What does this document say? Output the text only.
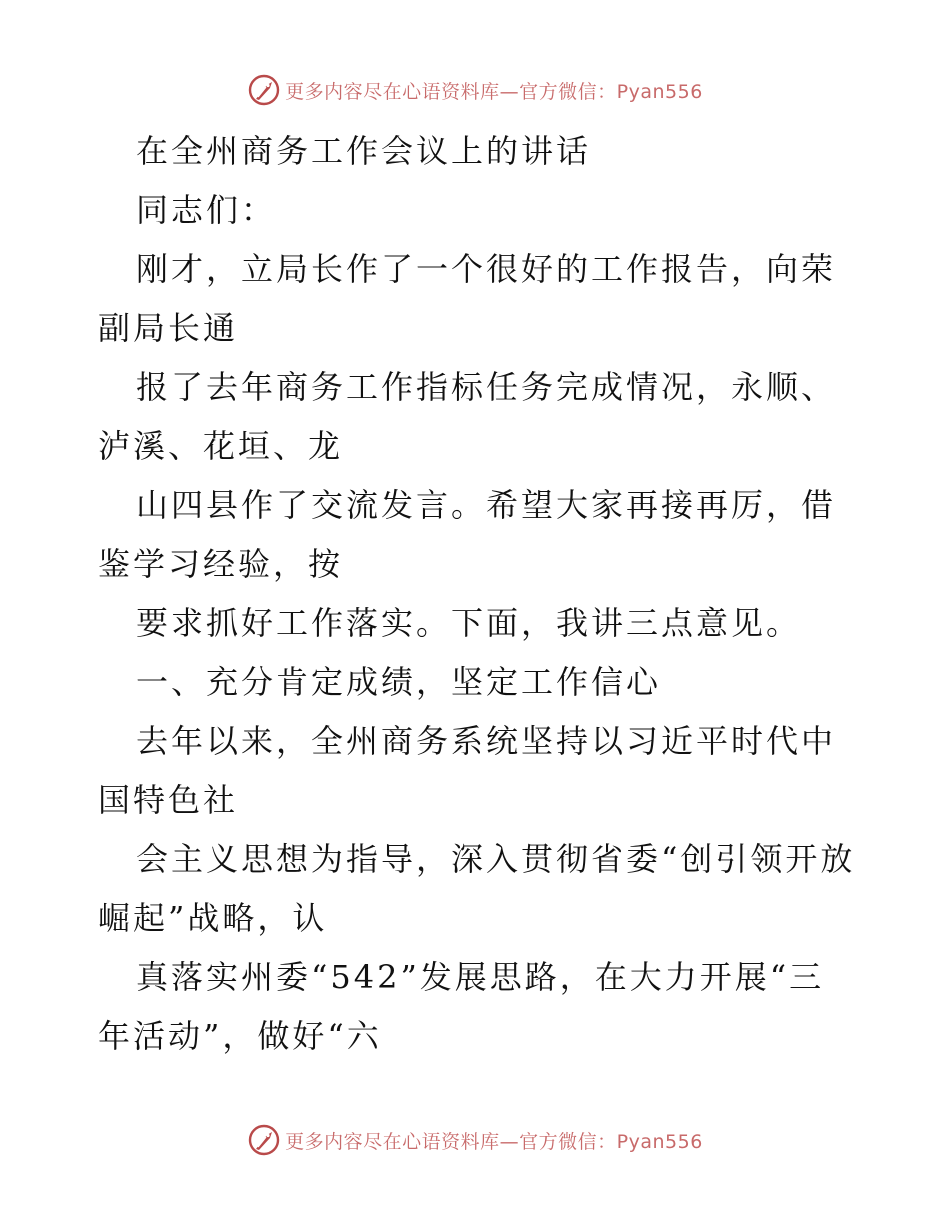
更多内容尽在心语资料库—官方微信：Pyan556

在全州商务工作会议上的讲话

同志们：

刚才，立局长作了一个很好的工作报告，向荣副局长通

报了去年商务工作指标任务完成情况，永顺、泸溪、花垣、龙

山四县作了交流发言。希望大家再接再厉，借鉴学习经验，按

要求抓好工作落实。下面，我讲三点意见。

一、充分肯定成绩，坚定工作信心

去年以来，全州商务系统坚持以习近平时代中国特色社

会主义思想为指导，深入贯彻省委“创引领开放崛起”战略，认

真落实州委“542”发展思路，在大力开展“三年活动”，做好“六

更多内容尽在心语资料库—官方微信：Pyan556
